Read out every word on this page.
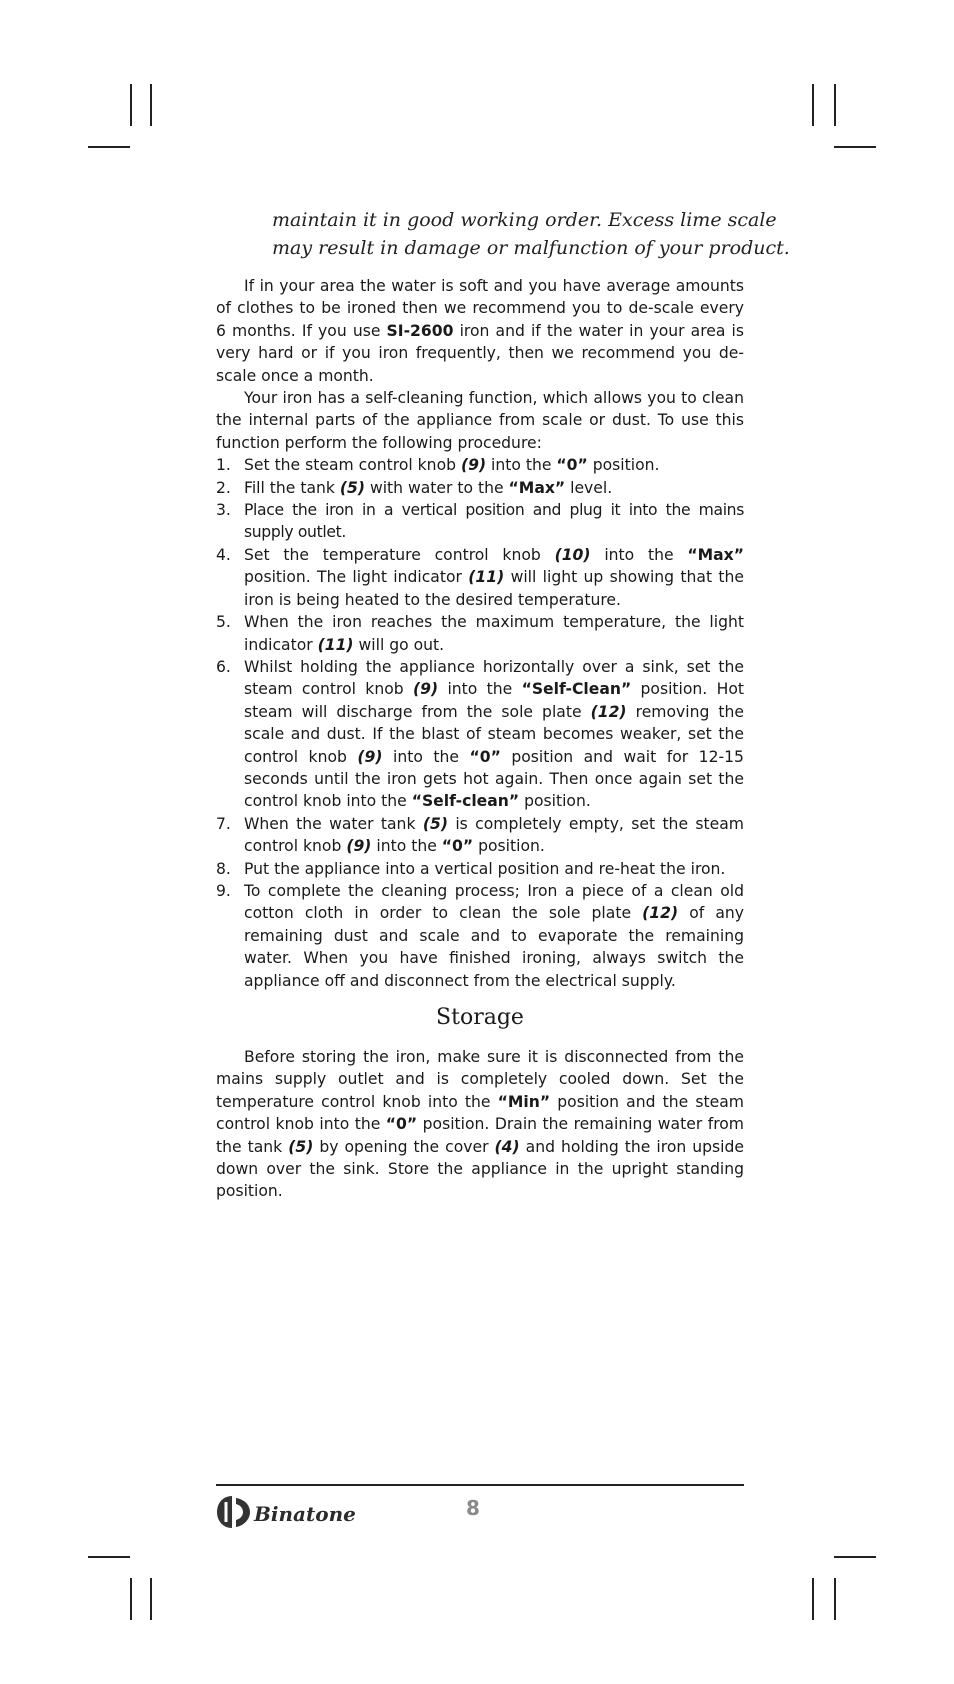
maintain it in good working order. Excess lime scale
may result in damage or malfunction of your product.

If in your area the water is soft and you have average amounts of clothes to be ironed then we recommend you to de-scale every 6 months. If you use SI-2600 iron and if the water in your area is very hard or if you iron frequently, then we recommend you de-scale once a month.

Your iron has a self-cleaning function, which allows you to clean the internal parts of the appliance from scale or dust. To use this function perform the following procedure:

1. Set the steam control knob (9) into the “0” position.
2. Fill the tank (5) with water to the “Max” level.
3. Place the iron in a vertical position and plug it into the mains supply outlet.
4. Set the temperature control knob (10) into the “Max” position. The light indicator (11) will light up showing that the iron is being heated to the desired temperature.
5. When the iron reaches the maximum temperature, the light indicator (11) will go out.
6. Whilst holding the appliance horizontally over a sink, set the steam control knob (9) into the “Self-Clean” position. Hot steam will discharge from the sole plate (12) removing the scale and dust. If the blast of steam becomes weaker, set the control knob (9) into the “0” position and wait for 12-15 seconds until the iron gets hot again. Then once again set the control knob into the “Self-clean” position.
7. When the water tank (5) is completely empty, set the steam control knob (9) into the “0” position.
8. Put the appliance into a vertical position and re-heat the iron.
9. To complete the cleaning process; Iron a piece of a clean old cotton cloth in order to clean the sole plate (12) of any remaining dust and scale and to evaporate the remaining water. When you have finished ironing, always switch the appliance off and disconnect from the electrical supply.
Storage

Before storing the iron, make sure it is disconnected from the mains supply outlet and is completely cooled down. Set the temperature control knob into the “Min” position and the steam control knob into the “0” position. Drain the remaining water from the tank (5) by opening the cover (4) and holding the iron upside down over the sink. Store the appliance in the upright standing position.

Binatone	8
